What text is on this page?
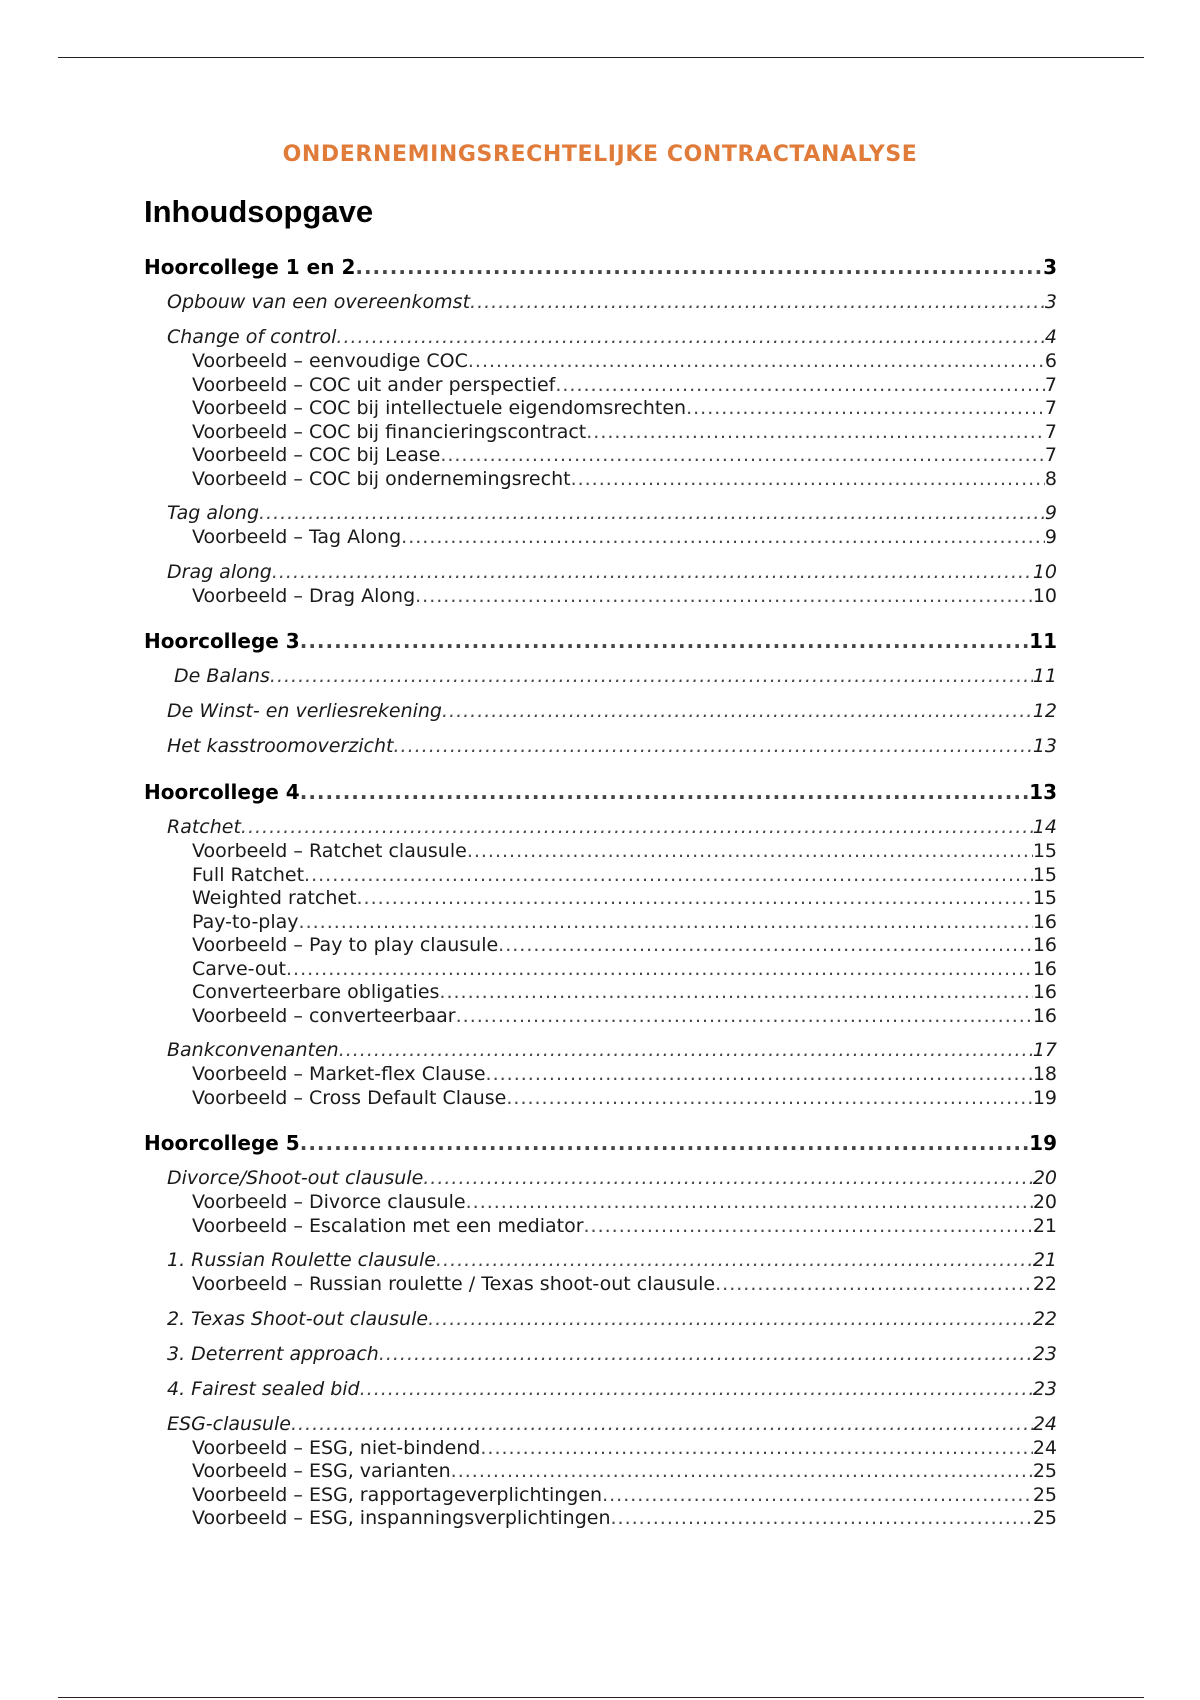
ONDERNEMINGSRECHTELIJKE CONTRACTANALYSE
Inhoudsopgave
Hoorcollege 1 en 2 .....	3
Opbouw van een overeenkomst .....	3
Change of control .....	4
Voorbeeld – eenvoudige COC .....	6
Voorbeeld – COC uit ander perspectief .....	7
Voorbeeld – COC bij intellectuele eigendomsrechten .....	7
Voorbeeld – COC bij financieringscontract .....	7
Voorbeeld – COC bij Lease .....	7
Voorbeeld – COC bij ondernemingsrecht .....	8
Tag along .....	9
Voorbeeld – Tag Along .....	9
Drag along .....	10
Voorbeeld – Drag Along .....	10
Hoorcollege 3 .....	11
De Balans .....	11
De Winst- en verliesrekening .....	12
Het kasstroomoverzicht .....	13
Hoorcollege 4 .....	13
Ratchet .....	14
Voorbeeld – Ratchet clausule .....	15
Full Ratchet .....	15
Weighted ratchet .....	15
Pay-to-play .....	16
Voorbeeld – Pay to play clausule .....	16
Carve-out .....	16
Converteerbare obligaties .....	16
Voorbeeld – converteerbaar .....	16
Bankconvenanten .....	17
Voorbeeld – Market-flex Clause .....	18
Voorbeeld – Cross Default Clause .....	19
Hoorcollege 5 .....	19
Divorce/Shoot-out clausule .....	20
Voorbeeld – Divorce clausule .....	20
Voorbeeld – Escalation met een mediator .....	21
1. Russian Roulette clausule .....	21
Voorbeeld – Russian roulette / Texas shoot-out clausule .....	22
2. Texas Shoot-out clausule .....	22
3. Deterrent approach .....	23
4. Fairest sealed bid .....	23
ESG-clausule .....	24
Voorbeeld – ESG, niet-bindend .....	24
Voorbeeld – ESG, varianten .....	25
Voorbeeld – ESG, rapportageverplichtingen .....	25
Voorbeeld – ESG, inspanningsverplichtingen .....	25
